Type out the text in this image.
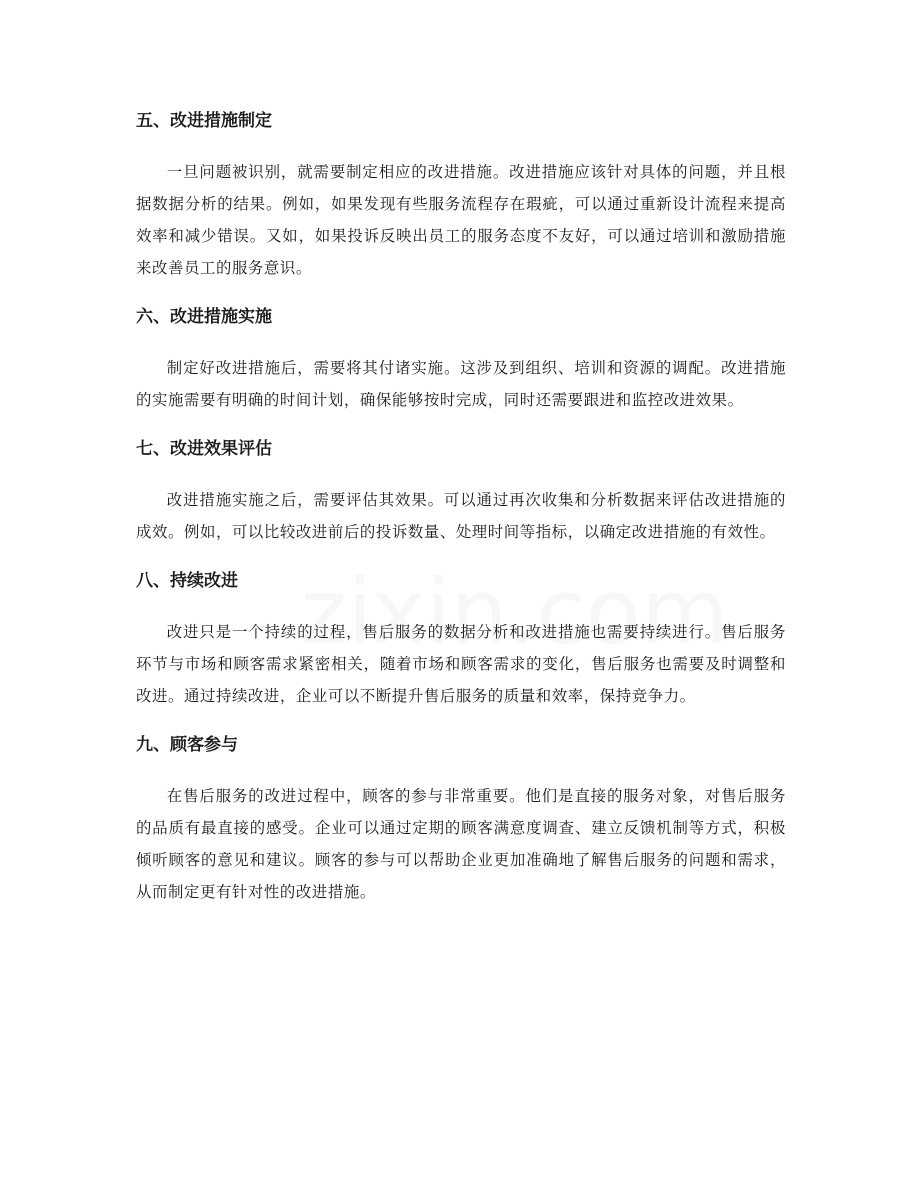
五、改进措施制定

一旦问题被识别，就需要制定相应的改进措施。改进措施应该针对具体的问题，并且根据数据分析的结果。例如，如果发现有些服务流程存在瑕疵，可以通过重新设计流程来提高效率和减少错误。又如，如果投诉反映出员工的服务态度不友好，可以通过培训和激励措施来改善员工的服务意识。

六、改进措施实施

制定好改进措施后，需要将其付诸实施。这涉及到组织、培训和资源的调配。改进措施的实施需要有明确的时间计划，确保能够按时完成，同时还需要跟进和监控改进效果。

七、改进效果评估

改进措施实施之后，需要评估其效果。可以通过再次收集和分析数据来评估改进措施的成效。例如，可以比较改进前后的投诉数量、处理时间等指标，以确定改进措施的有效性。

八、持续改进

改进只是一个持续的过程，售后服务的数据分析和改进措施也需要持续进行。售后服务环节与市场和顾客需求紧密相关，随着市场和顾客需求的变化，售后服务也需要及时调整和改进。通过持续改进，企业可以不断提升售后服务的质量和效率，保持竞争力。

九、顾客参与

在售后服务的改进过程中，顾客的参与非常重要。他们是直接的服务对象，对售后服务的品质有最直接的感受。企业可以通过定期的顾客满意度调查、建立反馈机制等方式，积极倾听顾客的意见和建议。顾客的参与可以帮助企业更加准确地了解售后服务的问题和需求，从而制定更有针对性的改进措施。
